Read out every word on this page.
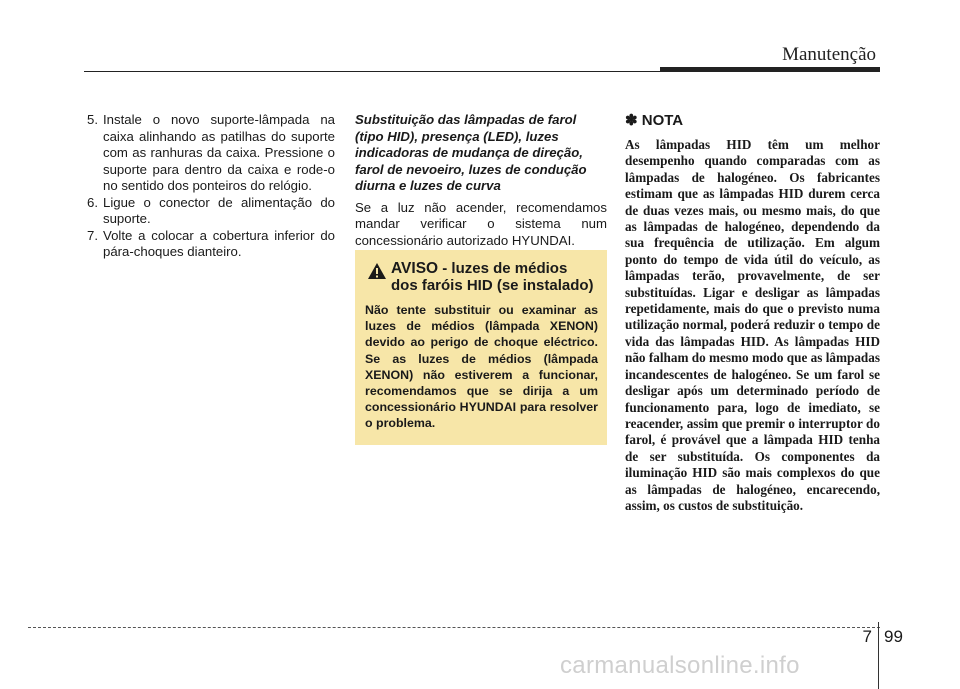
Manutenção

5. Instale o novo suporte-lâmpada na caixa alinhando as patilhas do suporte com as ranhuras da caixa. Pressione o suporte para dentro da caixa e rode-o no sentido dos ponteiros do relógio.

6. Ligue o conector de alimentação do suporte.

7. Volte a colocar a cobertura inferior do pára-choques dianteiro.

Substituição das lâmpadas de farol (tipo HID), presença (LED), luzes indicadoras de mudança de direção, farol de nevoeiro, luzes de condução diurna e luzes de curva

Se a luz não acender, recomendamos mandar verificar o sistema num concessionário autorizado HYUNDAI.

AVISO - luzes de médios dos faróis HID (se instalado)

Não tente substituir ou examinar as luzes de médios (lâmpada XENON) devido ao perigo de choque eléctrico. Se as luzes de médios (lâmpada XENON) não estiverem a funcionar, recomendamos que se dirija a um concessionário HYUNDAI para resolver o problema.

✽ NOTA

As lâmpadas HID têm um melhor desempenho quando comparadas com as lâmpadas de halogéneo. Os fabricantes estimam que as lâmpadas HID durem cerca de duas vezes mais, ou mesmo mais, do que as lâmpadas de halogéneo, dependendo da sua frequência de utilização. Em algum ponto do tempo de vida útil do veículo, as lâmpadas terão, provavelmente, de ser substituídas. Ligar e desligar as lâmpadas repetidamente, mais do que o previsto numa utilização normal, poderá reduzir o tempo de vida das lâmpadas HID. As lâmpadas HID não falham do mesmo modo que as lâmpadas incandescentes de halogéneo. Se um farol se desligar após um determinado período de funcionamento para, logo de imediato, se reacender, assim que premir o interruptor do farol, é provável que a lâmpada HID tenha de ser substituída. Os componentes da iluminação HID são mais complexos do que as lâmpadas de halogéneo, encarecendo, assim, os custos de substituição.

7 99
carmanualsonline.info
